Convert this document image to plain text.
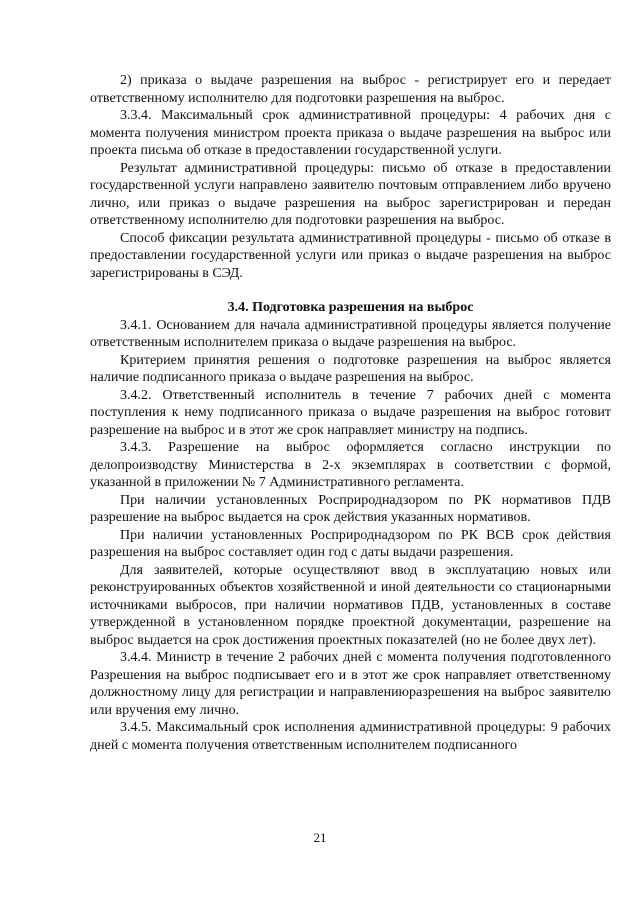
2) приказа о выдаче разрешения на выброс - регистрирует его и передает ответственному исполнителю для подготовки разрешения на выброс.

3.3.4. Максимальный срок административной процедуры: 4 рабочих дня с момента получения министром проекта приказа о выдаче разрешения на выброс или проекта письма об отказе в предоставлении государственной услуги.

Результат административной процедуры: письмо об отказе в предоставлении государственной услуги направлено заявителю почтовым отправлением либо вручено лично, или приказ о выдаче разрешения на выброс зарегистрирован и передан ответственному исполнителю для подготовки разрешения на выброс.

Способ фиксации результата административной процедуры - письмо об отказе в предоставлении государственной услуги или приказ о выдаче разрешения на выброс зарегистрированы в СЭД.

3.4. Подготовка разрешения на выброс

3.4.1. Основанием для начала административной процедуры является получение ответственным исполнителем приказа о выдаче разрешения на выброс.

Критерием принятия решения о подготовке разрешения на выброс является наличие подписанного приказа о выдаче разрешения на выброс.

3.4.2. Ответственный исполнитель в течение 7 рабочих дней с момента поступления к нему подписанного приказа о выдаче разрешения на выброс готовит разрешение на выброс и в этот же срок направляет министру на подпись.

3.4.3. Разрешение на выброс оформляется согласно инструкции по делопроизводству Министерства в 2-х экземплярах в соответствии с формой, указанной в приложении № 7 Административного регламента.

При наличии установленных Росприроднадзором по РК нормативов ПДВ разрешение на выброс выдается на срок действия указанных нормативов.

При наличии установленных Росприроднадзором по РК ВСВ срок действия разрешения на выброс составляет один год с даты выдачи разрешения.

Для заявителей, которые осуществляют ввод в эксплуатацию новых или реконструированных объектов хозяйственной и иной деятельности со стационарными источниками выбросов, при наличии нормативов ПДВ, установленных в составе утвержденной в установленном порядке проектной документации, разрешение на выброс выдается на срок достижения проектных показателей (но не более двух лет).

3.4.4. Министр в течение 2 рабочих дней с момента получения подготовленного Разрешения на выброс подписывает его и в этот же срок направляет ответственному должностному лицу для регистрации и направлениюразрешения на выброс заявителю или вручения ему лично.

3.4.5. Максимальный срок исполнения административной процедуры: 9 рабочих дней с момента получения ответственным исполнителем подписанного

21
